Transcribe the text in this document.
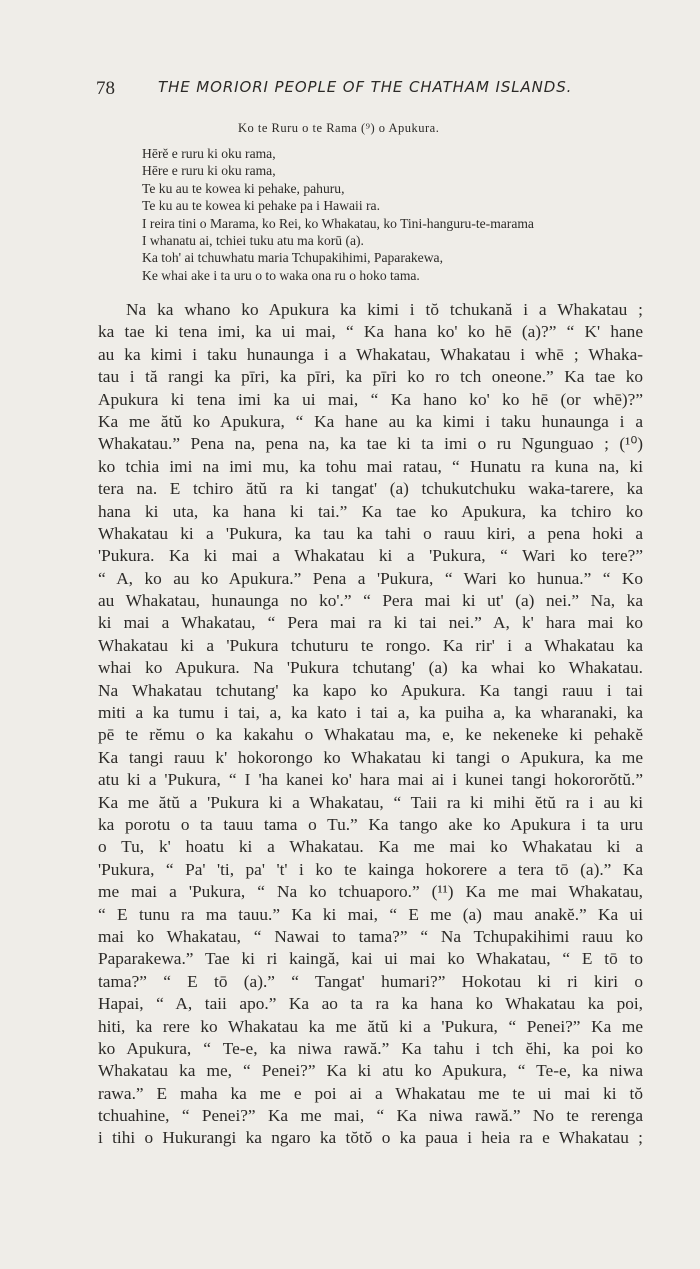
78	THE MORIORI PEOPLE OF THE CHATHAM ISLANDS.
Ko te Ruru o te Rama (⁹) o Apukura.
Hērĕ e ruru ki oku rama,
Hēre e ruru ki oku rama,
Te ku au te kowea ki pehake, pahuru,
Te ku au te kowea ki pehake pa i Hawaii ra.
I reira tini o Marama, ko Rei, ko Whakatau, ko Tini-hanguru-te-marama
I whanatu ai, tchiei tuku atu ma korū (a).
Ka toh' ai tchuwhatu maria Tchupakihimi, Paparakewa,
Ke whai ake i ta uru o to waka ona ru o hoko tama.
Na ka whano ko Apukura ka kimi i tŏ tchukană i a Whakatau ;
ka tae ki tena imi, ka ui mai, “ Ka hana ko' ko hē (a)?” “ K' hane
au ka kimi i taku hunaunga i a Whakatau, Whakatau i whē ; Whaka-
tau i tă rangi ka pīri, ka pīri, ka pīri ko ro tch oneone.” Ka tae ko
Apukura ki tena imi ka ui mai, “ Ka hano ko' ko hē (or whē)?”
Ka me ătŭ ko Apukura, “ Ka hane au ka kimi i taku hunaunga i a
Whakatau.” Pena na, pena na, ka tae ki ta imi o ru Ngunguao ; (¹⁰)
ko tchia imi na imi mu, ka tohu mai ratau, “ Hunatu ra kuna na, ki
tera na. E tchiro ătŭ ra ki tangat' (a) tchukutchuku waka-tarere, ka
hana ki uta, ka hana ki tai.” Ka tae ko Apukura, ka tchiro ko
Whakatau ki a 'Pukura, ka tau ka tahi o rauu kiri, a pena hoki a
'Pukura. Ka ki mai a Whakatau ki a 'Pukura, “ Wari ko tere?”
“ A, ko au ko Apukura.” Pena a 'Pukura, “ Wari ko hunua.” “ Ko
au Whakatau, hunaunga no ko'.” “ Pera mai ki ut' (a) nei.” Na, ka
ki mai a Whakatau, “ Pera mai ra ki tai nei.” A, k' hara mai ko
Whakatau ki a 'Pukura tchuturu te rongo. Ka rir' i a Whakatau ka
whai ko Apukura. Na 'Pukura tchutang' (a) ka whai ko Whakatau.
Na Whakatau tchutang' ka kapo ko Apukura. Ka tangi rauu i tai
miti a ka tumu i tai, a, ka kato i tai a, ka puiha a, ka wharanaki, ka
pē te rĕmu o ka kakahu o Whakatau ma, e, ke nekeneke ki pehakĕ
Ka tangi rauu k' hokorongo ko Whakatau ki tangi o Apukura, ka me
atu ki a 'Pukura, “ I 'ha kanei ko' hara mai ai i kunei tangi hokororŏtŭ.”
Ka me ătŭ a 'Pukura ki a Whakatau, “ Taii ra ki mihi ĕtŭ ra i au ki
ka porotu o ta tauu tama o Tu.” Ka tango ake ko Apukura i ta uru
o Tu, k' hoatu ki a Whakatau. Ka me mai ko Whakatau ki a
'Pukura, “ Pa' 'ti, pa' 't' i ko te kainga hokorere a tera tō (a).” Ka
me mai a 'Pukura, “ Na ko tchuaporo.” (¹¹) Ka me mai Whakatau,
“ E tunu ra ma tauu.” Ka ki mai, “ E me (a) mau anakĕ.” Ka ui
mai ko Whakatau, “ Nawai to tama?” “ Na Tchupakihimi rauu ko
Paparakewa.” Tae ki ri kaingă, kai ui mai ko Whakatau, “ E tō to
tama?” “ E tō (a).” “ Tangat' humari?” Hokotau ki ri kiri o
Hapai, “ A, taii apo.” Ka ao ta ra ka hana ko Whakatau ka poi,
hiti, ka rere ko Whakatau ka me ătŭ ki a 'Pukura, “ Penei?” Ka me
ko Apukura, “ Te-e, ka niwa rawă.” Ka tahu i tch ĕhi, ka poi ko
Whakatau ka me, “ Penei?” Ka ki atu ko Apukura, “ Te-e, ka niwa
rawa.” E maha ka me e poi ai a Whakatau me te ui mai ki tŏ
tchuahine, “ Penei?” Ka me mai, “ Ka niwa rawă.” No te rerenga
i tihi o Hukurangi ka ngaro ka tŏtŏ o ka paua i heia ra e Whakatau ;
